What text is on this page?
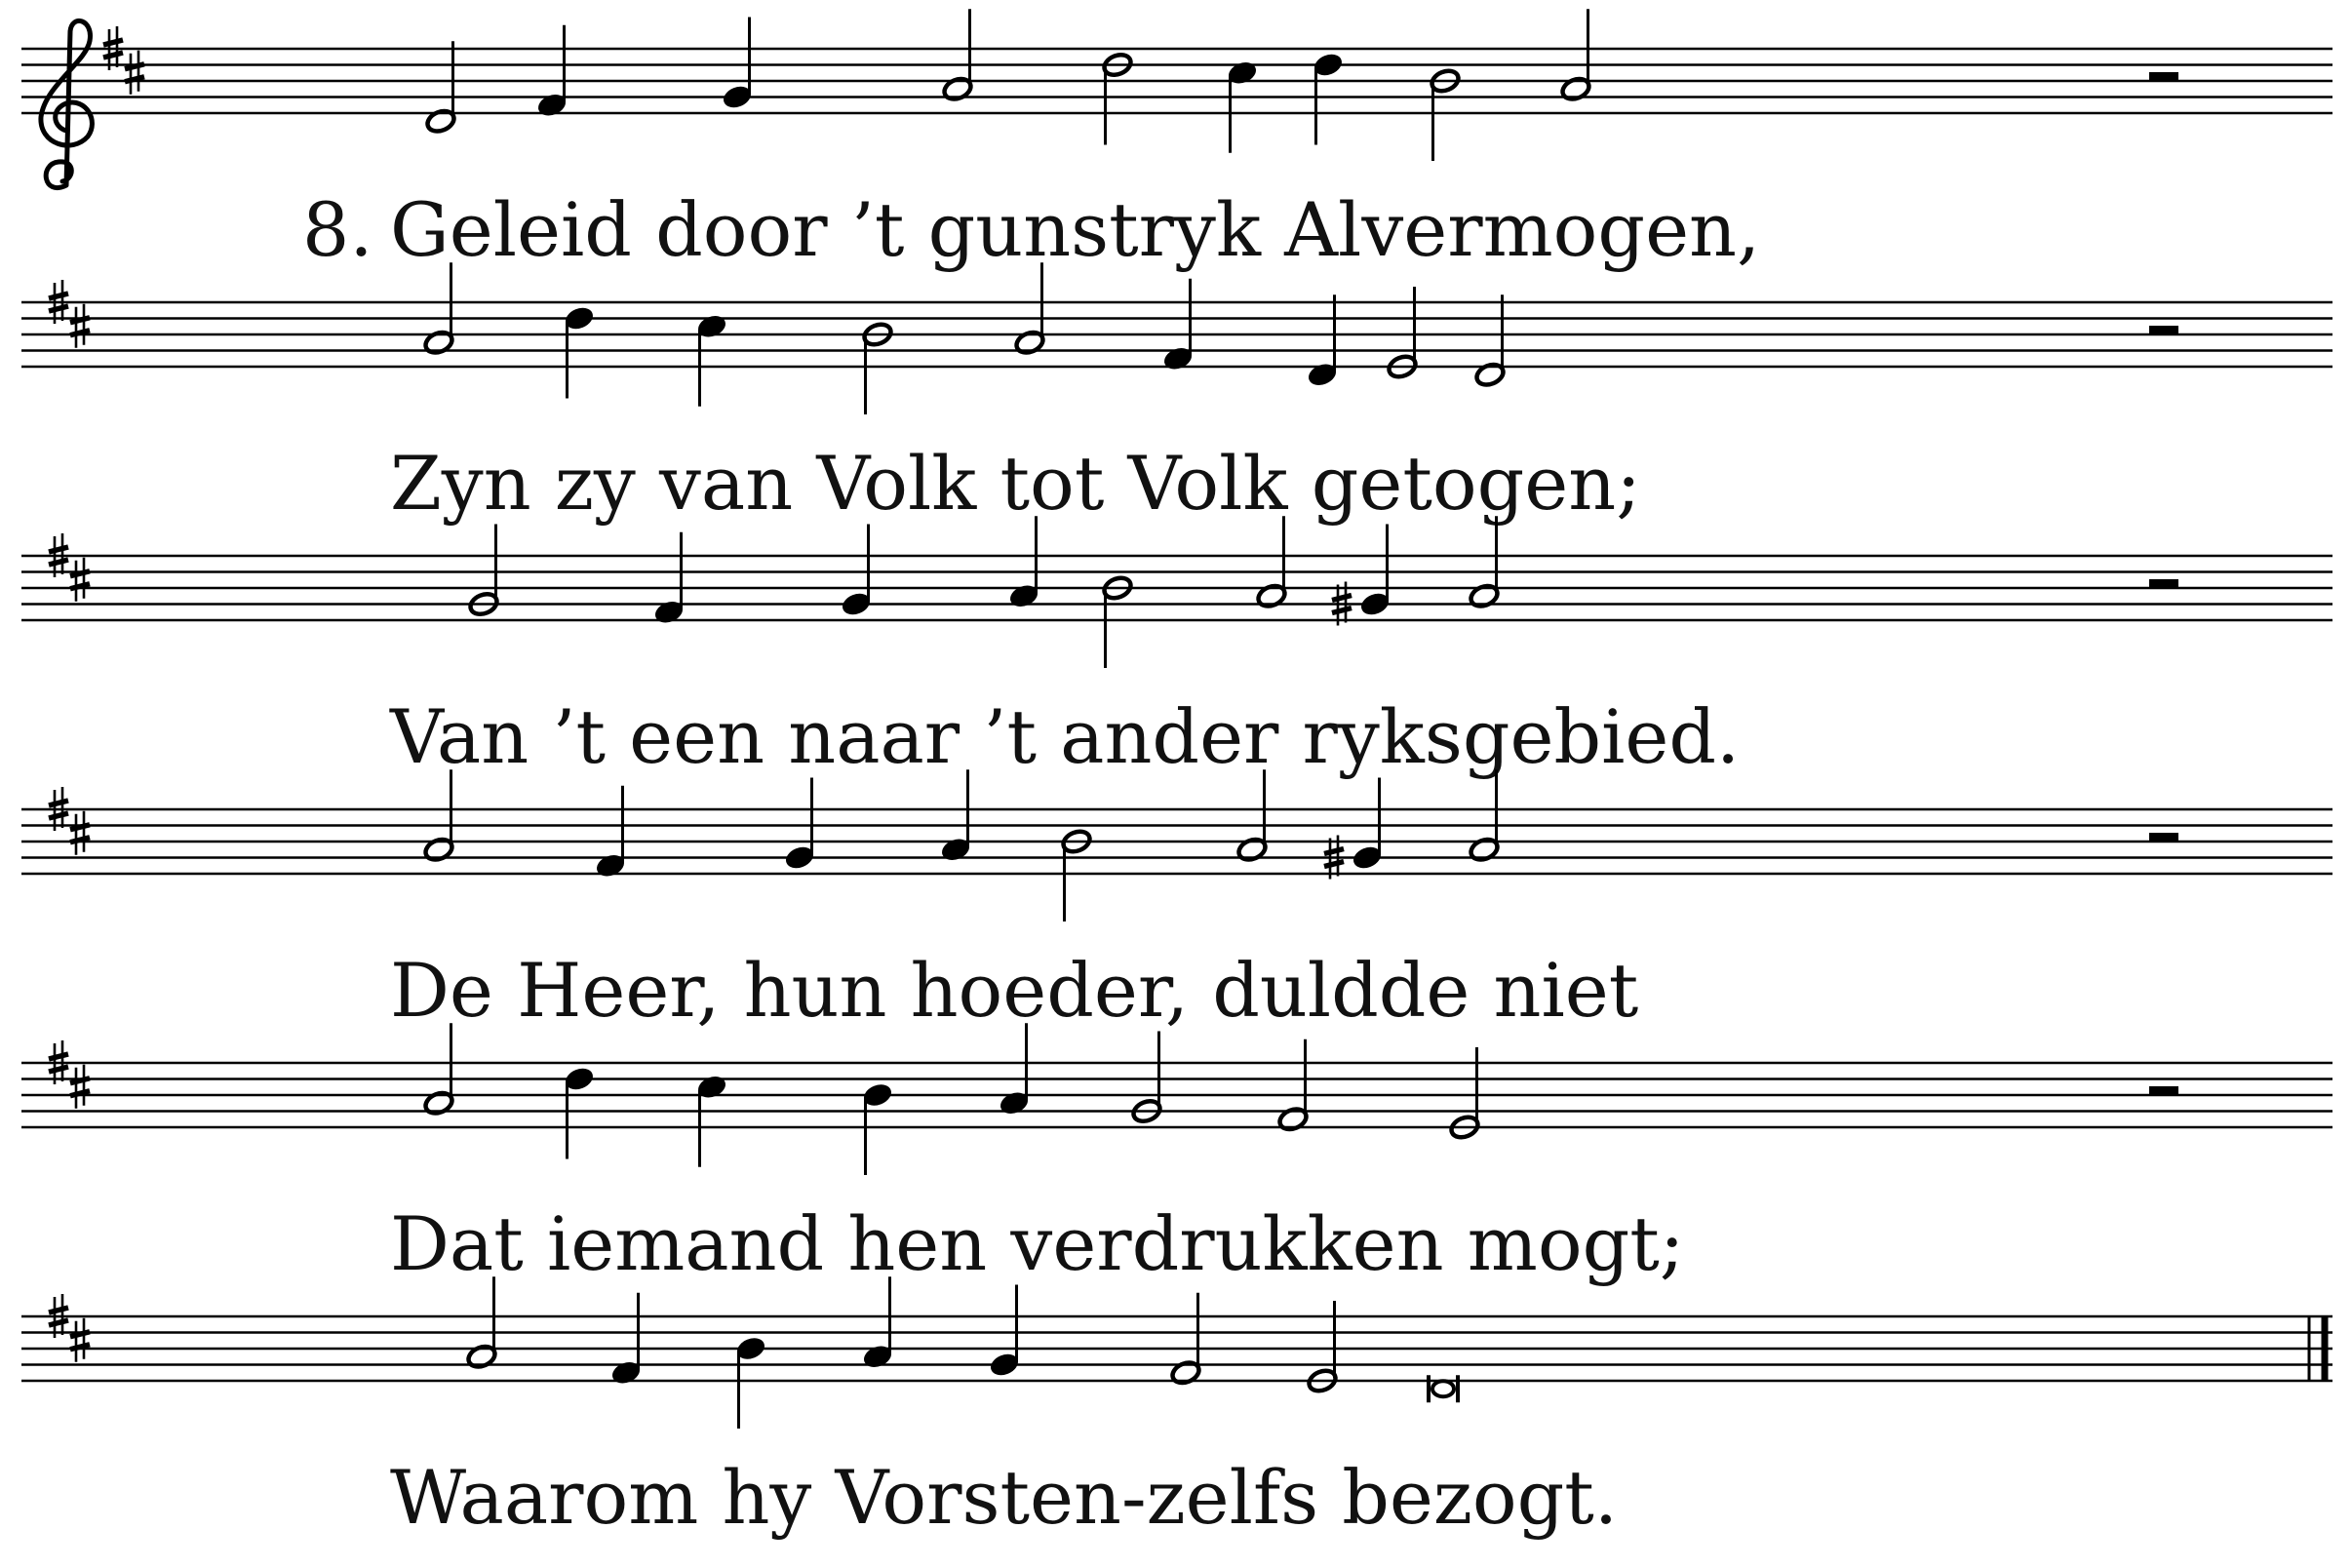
8. Geleid door ’t gunstryk Alvermogen,
Zyn zy van Volk tot Volk getogen;
Van ’t een naar ’t ander ryksgebied.
De Heer, hun hoeder, duldde niet
Dat iemand hen verdrukken mogt;
Waarom hy Vorsten-zelfs bezogt.
